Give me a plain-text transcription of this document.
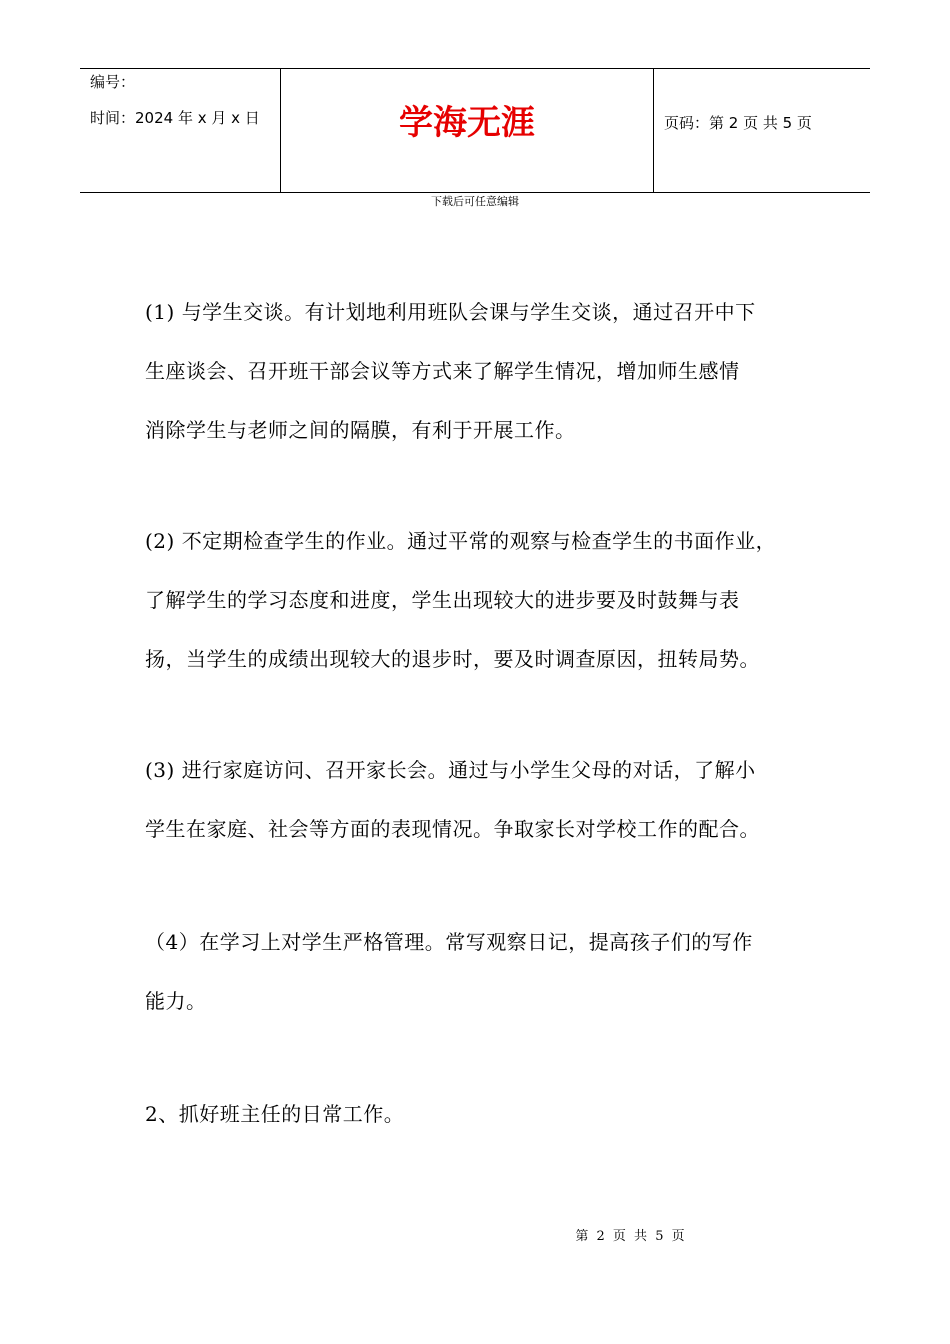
编号：
时间：2024 年 x 月 x 日	学海无涯	页码：第 2 页 共 5 页
下载后可任意编辑

(1) 与学生交谈。有计划地利用班队会课与学生交谈，通过召开中下
生座谈会、召开班干部会议等方式来了解学生情况，增加师生感情
消除学生与老师之间的隔膜，有利于开展工作。

(2) 不定期检查学生的作业。通过平常的观察与检查学生的书面作业，
了解学生的学习态度和进度，学生出现较大的进步要及时鼓舞与表
扬，当学生的成绩出现较大的退步时，要及时调查原因，扭转局势。

(3) 进行家庭访问、召开家长会。通过与小学生父母的对话，了解小
学生在家庭、社会等方面的表现情况。争取家长对学校工作的配合。

（4）在学习上对学生严格管理。常写观察日记，提高孩子们的写作
能力。

2、抓好班主任的日常工作。

第 2 页 共 5 页
